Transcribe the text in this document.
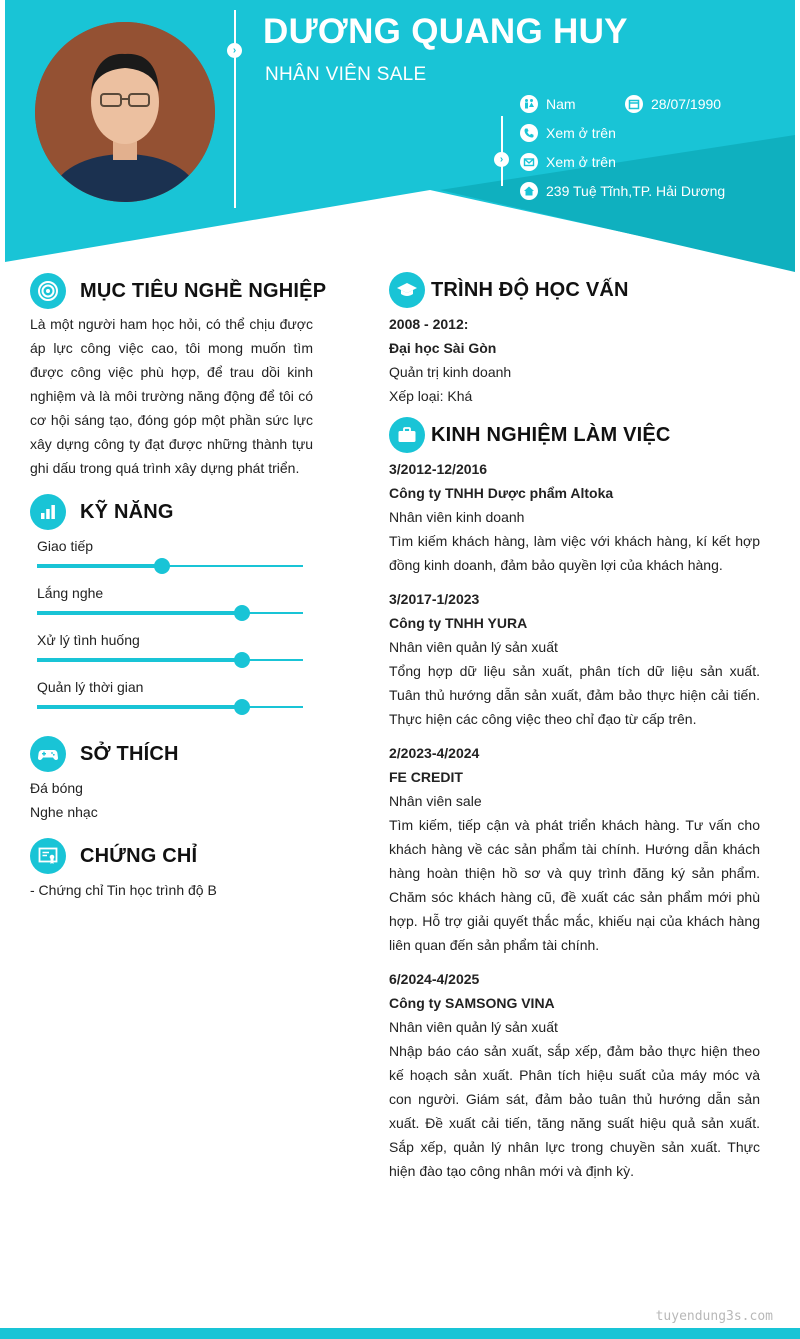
› DƯƠNG QUANG HUY
NHÂN VIÊN SALE
›
Nam	28/07/1990
Xem ở trên
Xem ở trên
239 Tuệ Tĩnh,TP. Hải Dương
MỤC TIÊU NGHỀ NGHIỆP
Là một người ham học hỏi, có thể chịu được áp lực công việc cao, tôi mong muốn tìm được công việc phù hợp, để trau dồi kinh nghiệm và là môi trường năng động để tôi có cơ hội sáng tạo, đóng góp một phần sức lực xây dựng công ty đạt được những thành tựu ghi dấu trong quá trình xây dựng phát triển.
KỸ NĂNG
Giao tiếp
Lắng nghe
Xử lý tình huống
Quản lý thời gian
SỞ THÍCH
Đá bóng
Nghe nhạc
CHỨNG CHỈ
- Chứng chỉ Tin học trình độ B
TRÌNH ĐỘ HỌC VẤN
2008 - 2012:
Đại học Sài Gòn
Quản trị kinh doanh
Xếp loại: Khá
KINH NGHIỆM LÀM VIỆC
3/2012-12/2016
Công ty TNHH Dược phẩm Altoka
Nhân viên kinh doanh
Tìm kiếm khách hàng, làm việc với khách hàng, kí kết hợp đồng kinh doanh, đảm bảo quyền lợi của khách hàng.
3/2017-1/2023
Công ty TNHH YURA
Nhân viên quản lý sản xuất
Tổng hợp dữ liệu sản xuất, phân tích dữ liệu sản xuất. Tuân thủ hướng dẫn sản xuất, đảm bảo thực hiện cải tiến. Thực hiện các công việc theo chỉ đạo từ cấp trên.
2/2023-4/2024
FE CREDIT
Nhân viên sale
Tìm kiếm, tiếp cận và phát triển khách hàng. Tư vấn cho khách hàng về các sản phẩm tài chính. Hướng dẫn khách hàng hoàn thiện hồ sơ và quy trình đăng ký sản phẩm. Chăm sóc khách hàng cũ, đề xuất các sản phẩm mới phù hợp. Hỗ trợ giải quyết thắc mắc, khiếu nại của khách hàng liên quan đến sản phẩm tài chính.
6/2024-4/2025
Công ty SAMSONG VINA
Nhân viên quản lý sản xuất
Nhập báo cáo sản xuất, sắp xếp, đảm bảo thực hiện theo kế hoạch sản xuất. Phân tích hiệu suất của máy móc và con người. Giám sát, đảm bảo tuân thủ hướng dẫn sản xuất. Đề xuất cải tiến, tăng năng suất hiệu quả sản xuất. Sắp xếp, quản lý nhân lực trong chuyền sản xuất. Thực hiện đào tạo công nhân mới và định kỳ.
tuyendung3s.com
